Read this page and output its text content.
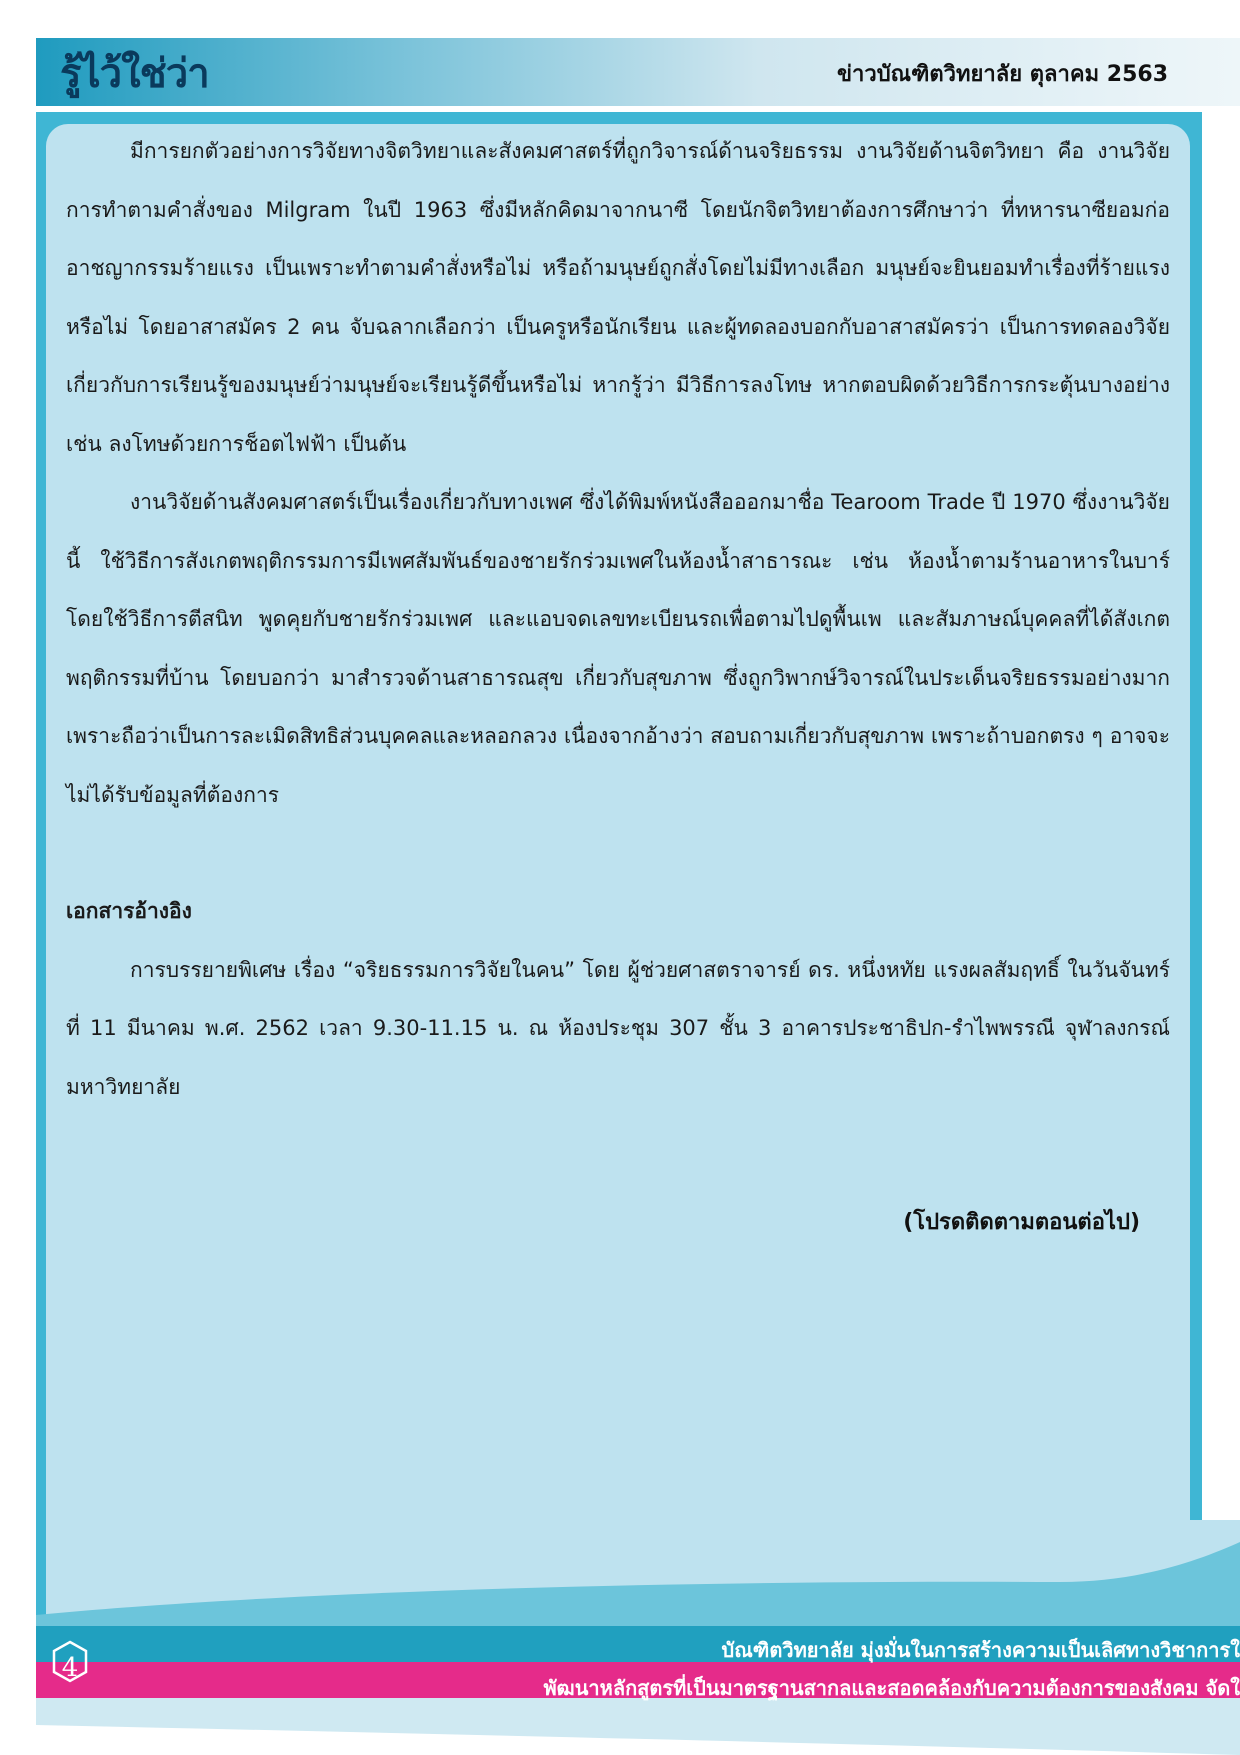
รู้ไว้ใช่ว่า	ข่าวบัณฑิตวิทยาลัย ตุลาคม 2563

มีการยกตัวอย่างการวิจัยทางจิตวิทยาและสังคมศาสตร์ที่ถูกวิจารณ์ด้านจริยธรรม งานวิจัยด้านจิตวิทยา คือ งานวิจัยการทำตามคำสั่งของ Milgram ในปี 1963 ซึ่งมีหลักคิดมาจากนาซี โดยนักจิตวิทยาต้องการศึกษาว่า ที่ทหารนาซียอมก่ออาชญากรรมร้ายแรง เป็นเพราะทำตามคำสั่งหรือไม่ หรือถ้ามนุษย์ถูกสั่งโดยไม่มีทางเลือก มนุษย์จะยินยอมทำเรื่องที่ร้ายแรงหรือไม่ โดยอาสาสมัคร 2 คน จับฉลากเลือกว่า เป็นครูหรือนักเรียน และผู้ทดลองบอกกับอาสาสมัครว่า เป็นการทดลองวิจัยเกี่ยวกับการเรียนรู้ของมนุษย์ว่ามนุษย์จะเรียนรู้ดีขึ้นหรือไม่ หากรู้ว่า มีวิธีการลงโทษ หากตอบผิดด้วยวิธีการกระตุ้นบางอย่าง เช่น ลงโทษด้วยการช็อตไฟฟ้า เป็นต้น

งานวิจัยด้านสังคมศาสตร์เป็นเรื่องเกี่ยวกับทางเพศ ซึ่งได้พิมพ์หนังสือออกมาชื่อ Tearoom Trade ปี 1970 ซึ่งงานวิจัยนี้ ใช้วิธีการสังเกตพฤติกรรมการมีเพศสัมพันธ์ของชายรักร่วมเพศในห้องน้ำสาธารณะ เช่น ห้องน้ำตามร้านอาหารในบาร์ โดยใช้วิธีการตีสนิท พูดคุยกับชายรักร่วมเพศ และแอบจดเลขทะเบียนรถเพื่อตามไปดูพื้นเพ และสัมภาษณ์บุคคลที่ได้สังเกตพฤติกรรมที่บ้าน โดยบอกว่า มาสำรวจด้านสาธารณสุข เกี่ยวกับสุขภาพ ซึ่งถูกวิพากษ์วิจารณ์ในประเด็นจริยธรรมอย่างมาก เพราะถือว่าเป็นการละเมิดสิทธิส่วนบุคคลและหลอกลวง เนื่องจากอ้างว่า สอบถามเกี่ยวกับสุขภาพ เพราะถ้าบอกตรง ๆ อาจจะไม่ได้รับข้อมูลที่ต้องการ

เอกสารอ้างอิง

การบรรยายพิเศษ เรื่อง “จริยธรรมการวิจัยในคน” โดย ผู้ช่วยศาสตราจารย์ ดร. หนึ่งหทัย แรงผลสัมฤทธิ์ ในวันจันทร์ที่ 11 มีนาคม พ.ศ. 2562 เวลา 9.30-11.15 น. ณ ห้องประชุม 307 ชั้น 3 อาคารประชาธิปก-รำไพพรรณี จุฬาลงกรณ์มหาวิทยาลัย

(โปรดติดตามตอนต่อไป)
บัณฑิตวิทยาลัย มุ่งมั่นในการสร้างความเป็นเลิศทางวิชาการใ
พัฒนาหลักสูตรที่เป็นมาตรฐานสากลและสอดคล้องกับความต้องการของสังคม จัดใ
4
